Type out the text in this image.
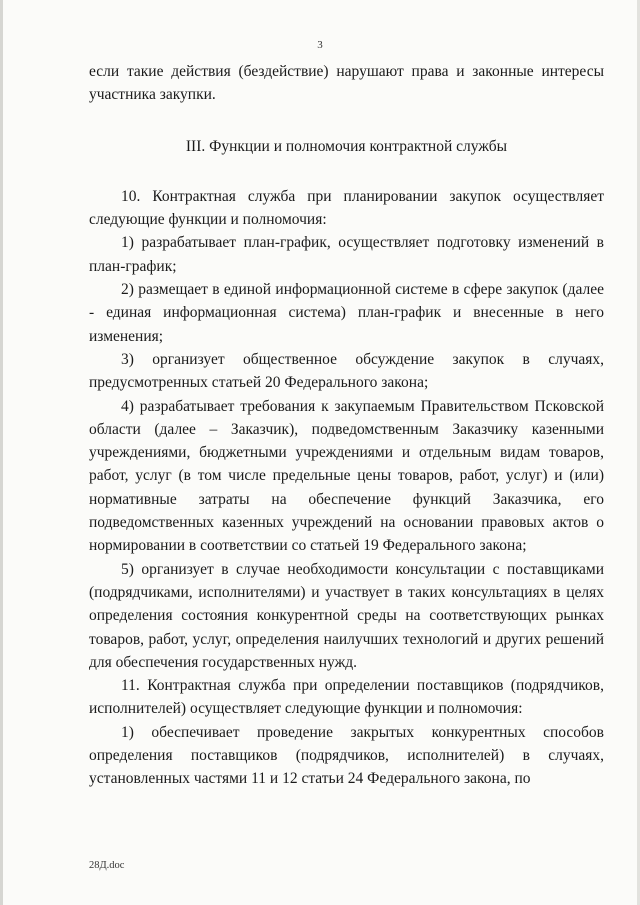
3

если такие действия (бездействие) нарушают права и законные интересы участника закупки.

III. Функции и полномочия контрактной службы

10. Контрактная служба при планировании закупок осуществляет следующие функции и полномочия:

1) разрабатывает план-график, осуществляет подготовку изменений в план-график;

2) размещает в единой информационной системе в сфере закупок (далее - единая информационная система) план-график и внесенные в него изменения;

3) организует общественное обсуждение закупок в случаях, предусмотренных статьей 20 Федерального закона;

4) разрабатывает требования к закупаемым Правительством Псковской области (далее – Заказчик), подведомственным Заказчику казенными учреждениями, бюджетными учреждениями и отдельным видам товаров, работ, услуг (в том числе предельные цены товаров, работ, услуг) и (или) нормативные затраты на обеспечение функций Заказчика, его подведомственных казенных учреждений на основании правовых актов о нормировании в соответствии со статьей 19 Федерального закона;

5) организует в случае необходимости консультации с поставщиками (подрядчиками, исполнителями) и участвует в таких консультациях в целях определения состояния конкурентной среды на соответствующих рынках товаров, работ, услуг, определения наилучших технологий и других решений для обеспечения государственных нужд.

11. Контрактная служба при определении поставщиков (подрядчиков, исполнителей) осуществляет следующие функции и полномочия:

1) обеспечивает проведение закрытых конкурентных способов определения поставщиков (подрядчиков, исполнителей) в случаях, установленных частями 11 и 12 статьи 24 Федерального закона, по

28Д.doc
